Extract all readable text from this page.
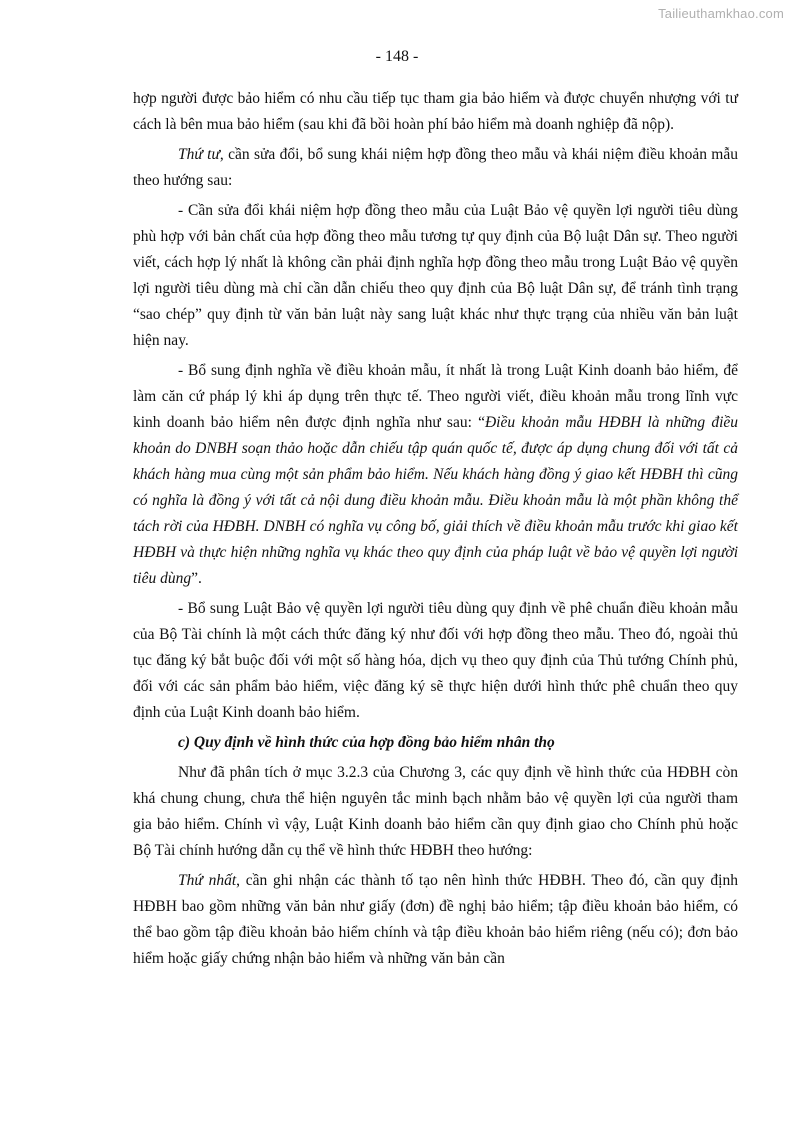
Tailieuthamkhao.com
- 148 -

hợp người được bảo hiểm có nhu cầu tiếp tục tham gia bảo hiểm và được chuyển nhượng với tư cách là bên mua bảo hiểm (sau khi đã bồi hoàn phí bảo hiểm mà doanh nghiệp đã nộp).

Thứ tư, cần sửa đổi, bổ sung khái niệm hợp đồng theo mẫu và khái niệm điều khoản mẫu theo hướng sau:

- Cần sửa đổi khái niệm hợp đồng theo mẫu của Luật Bảo vệ quyền lợi người tiêu dùng phù hợp với bản chất của hợp đồng theo mẫu tương tự quy định của Bộ luật Dân sự. Theo người viết, cách hợp lý nhất là không cần phải định nghĩa hợp đồng theo mẫu trong Luật Bảo vệ quyền lợi người tiêu dùng mà chỉ cần dẫn chiếu theo quy định của Bộ luật Dân sự, để tránh tình trạng “sao chép” quy định từ văn bản luật này sang luật khác như thực trạng của nhiều văn bản luật hiện nay.

- Bổ sung định nghĩa về điều khoản mẫu, ít nhất là trong Luật Kinh doanh bảo hiểm, để làm căn cứ pháp lý khi áp dụng trên thực tế. Theo người viết, điều khoản mẫu trong lĩnh vực kinh doanh bảo hiểm nên được định nghĩa như sau: “Điều khoản mẫu HĐBH là những điều khoản do DNBH soạn thảo hoặc dẫn chiếu tập quán quốc tế, được áp dụng chung đối với tất cả khách hàng mua cùng một sản phẩm bảo hiểm. Nếu khách hàng đồng ý giao kết HĐBH thì cũng có nghĩa là đồng ý với tất cả nội dung điều khoản mẫu. Điều khoản mẫu là một phần không thể tách rời của HĐBH. DNBH có nghĩa vụ công bố, giải thích về điều khoản mẫu trước khi giao kết HĐBH và thực hiện những nghĩa vụ khác theo quy định của pháp luật về bảo vệ quyền lợi người tiêu dùng”.

- Bổ sung Luật Bảo vệ quyền lợi người tiêu dùng quy định về phê chuẩn điều khoản mẫu của Bộ Tài chính là một cách thức đăng ký như đối với hợp đồng theo mẫu. Theo đó, ngoài thủ tục đăng ký bắt buộc đối với một số hàng hóa, dịch vụ theo quy định của Thủ tướng Chính phủ, đối với các sản phẩm bảo hiểm, việc đăng ký sẽ thực hiện dưới hình thức phê chuẩn theo quy định của Luật Kinh doanh bảo hiểm.

c) Quy định về hình thức của hợp đồng bảo hiểm nhân thọ

Như đã phân tích ở mục 3.2.3 của Chương 3, các quy định về hình thức của HĐBH còn khá chung chung, chưa thể hiện nguyên tắc minh bạch nhằm bảo vệ quyền lợi của người tham gia bảo hiểm. Chính vì vậy, Luật Kinh doanh bảo hiểm cần quy định giao cho Chính phủ hoặc Bộ Tài chính hướng dẫn cụ thể về hình thức HĐBH theo hướng:

Thứ nhất, cần ghi nhận các thành tố tạo nên hình thức HĐBH. Theo đó, cần quy định HĐBH bao gồm những văn bản như giấy (đơn) đề nghị bảo hiểm; tập điều khoản bảo hiểm, có thể bao gồm tập điều khoản bảo hiểm chính và tập điều khoản bảo hiểm riêng (nếu có); đơn bảo hiểm hoặc giấy chứng nhận bảo hiểm và những văn bản cần
